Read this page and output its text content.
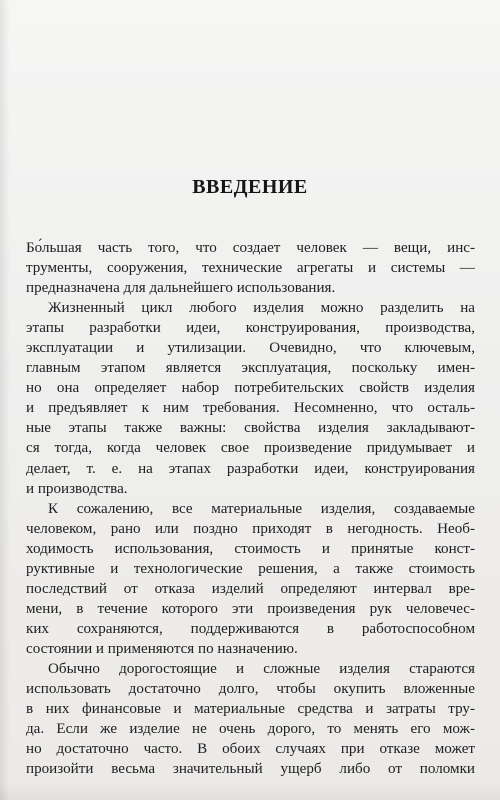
ВВЕДЕНИЕ
Бо́льшая часть того, что создает человек — вещи, инс-
трументы, сооружения, технические агрегаты и системы —
предназначена для дальнейшего использования.
Жизненный цикл любого изделия можно разделить на
этапы разработки идеи, конструирования, производства,
эксплуатации и утилизации. Очевидно, что ключевым,
главным этапом является эксплуатация, поскольку имен-
но она определяет набор потребительских свойств изделия
и предъявляет к ним требования. Несомненно, что осталь-
ные этапы также важны: свойства изделия закладывают-
ся тогда, когда человек свое произведение придумывает и
делает, т. е. на этапах разработки идеи, конструирования
и производства.
К сожалению, все материальные изделия, создаваемые
человеком, рано или поздно приходят в негодность. Необ-
ходимость использования, стоимость и принятые конст-
руктивные и технологические решения, а также стоимость
последствий от отказа изделий определяют интервал вре-
мени, в течение которого эти произведения рук человечес-
ких сохраняются, поддерживаются в работоспособном
состоянии и применяются по назначению.
Обычно дорогостоящие и сложные изделия стараются
использовать достаточно долго, чтобы окупить вложенные
в них финансовые и материальные средства и затраты тру-
да. Если же изделие не очень дорого, то менять его мож-
но достаточно часто. В обоих случаях при отказе может
произойти весьма значительный ущерб либо от поломки
